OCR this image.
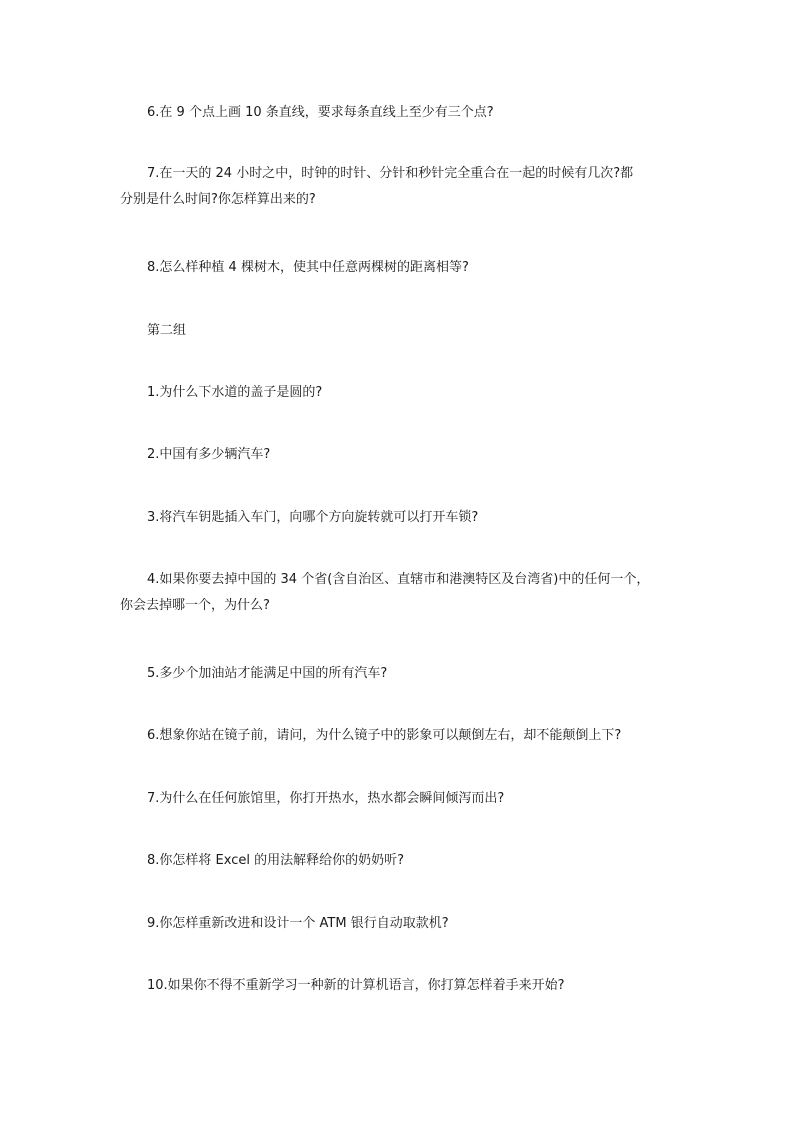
6.在 9 个点上画 10 条直线，要求每条直线上至少有三个点?

7.在一天的 24 小时之中，时钟的时针、分针和秒针完全重合在一起的时候有几次?都
分别是什么时间?你怎样算出来的?

8.怎么样种植 4 棵树木，使其中任意两棵树的距离相等?

第二组

1.为什么下水道的盖子是圆的?

2.中国有多少辆汽车?

3.将汽车钥匙插入车门，向哪个方向旋转就可以打开车锁?

4.如果你要去掉中国的 34 个省(含自治区、直辖市和港澳特区及台湾省)中的任何一个，
你会去掉哪一个，为什么?

5.多少个加油站才能满足中国的所有汽车?

6.想象你站在镜子前，请问，为什么镜子中的影象可以颠倒左右，却不能颠倒上下?

7.为什么在任何旅馆里，你打开热水，热水都会瞬间倾泻而出?

8.你怎样将 Excel 的用法解释给你的奶奶听?

9.你怎样重新改进和设计一个 ATM 银行自动取款机?

10.如果你不得不重新学习一种新的计算机语言，你打算怎样着手来开始?
